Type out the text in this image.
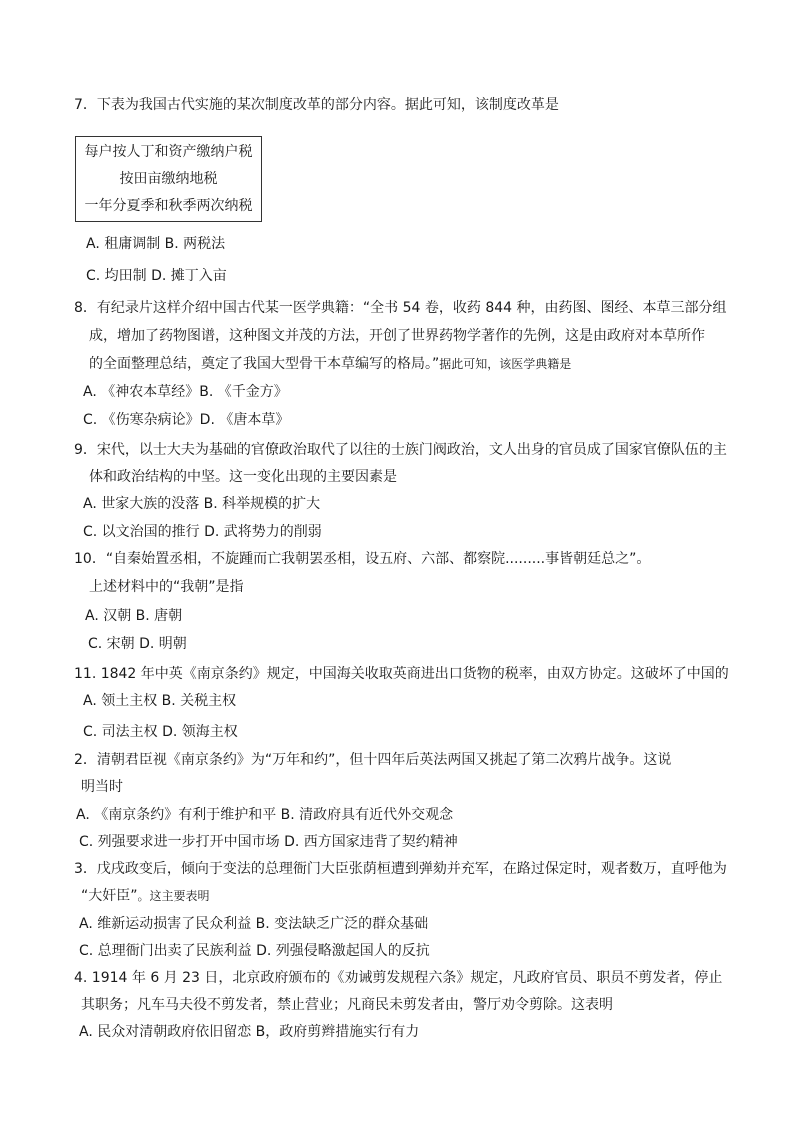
7．下表为我国古代实施的某次制度改革的部分内容。据此可知，该制度改革是
每户按人丁和资产缴纳户税
按田亩缴纳地税
一年分夏季和秋季两次纳税
A. 租庸调制 B. 两税法
C. 均田制 D. 摊丁入亩
8．有纪录片这样介绍中国古代某一医学典籍：“全书 54 卷，收药 844 种，由药图、图经、本草三部分组
成，增加了药物图谱，这种图文并茂的方法，开创了世界药物学著作的先例，这是由政府对本草所作
的全面整理总结，奠定了我国大型骨干本草编写的格局。”据此可知，该医学典籍是
A. 《神农本草经》B. 《千金方》
C. 《伤寒杂病论》D. 《唐本草》
9．宋代，以士大夫为基础的官僚政治取代了以往的士族门阀政治，文人出身的官员成了国家官僚队伍的主
体和政治结构的中坚。这一变化出现的主要因素是
A. 世家大族的没落 B. 科举规模的扩大
C. 以文治国的推行 D. 武将势力的削弱
10．“自秦始置丞相，不旋踵而亡我朝罢丞相，设五府、六部、都察院.........事皆朝廷总之”。
上述材料中的“我朝”是指
A. 汉朝 B. 唐朝
C. 宋朝 D. 明朝
11. 1842 年中英《南京条约》规定，中国海关收取英商进出口货物的税率，由双方协定。这破坏了中国的
A. 领土主权 B. 关税主权
C. 司法主权 D. 领海主权
2．清朝君臣视《南京条约》为“万年和约”，但十四年后英法两国又挑起了第二次鸦片战争。这说
明当时
A. 《南京条约》有利于维护和平 B. 清政府具有近代外交观念
C. 列强要求进一步打开中国市场 D. 西方国家违背了契约精神
3．戊戌政变后，倾向于变法的总理衙门大臣张荫桓遭到弹劾并充军，在路过保定时，观者数万，直呼他为
“大奸臣”。这主要表明
A. 维新运动损害了民众利益 B. 变法缺乏广泛的群众基础
C. 总理衙门出卖了民族利益 D. 列强侵略激起国人的反抗
4. 1914 年 6 月 23 日，北京政府颁布的《劝诫剪发规程六条》规定，凡政府官员、职员不剪发者，停止
其职务；凡车马夫役不剪发者，禁止营业；凡商民未剪发者由，警厅劝令剪除。这表明
A. 民众对清朝政府依旧留恋 B，政府剪辫措施实行有力
